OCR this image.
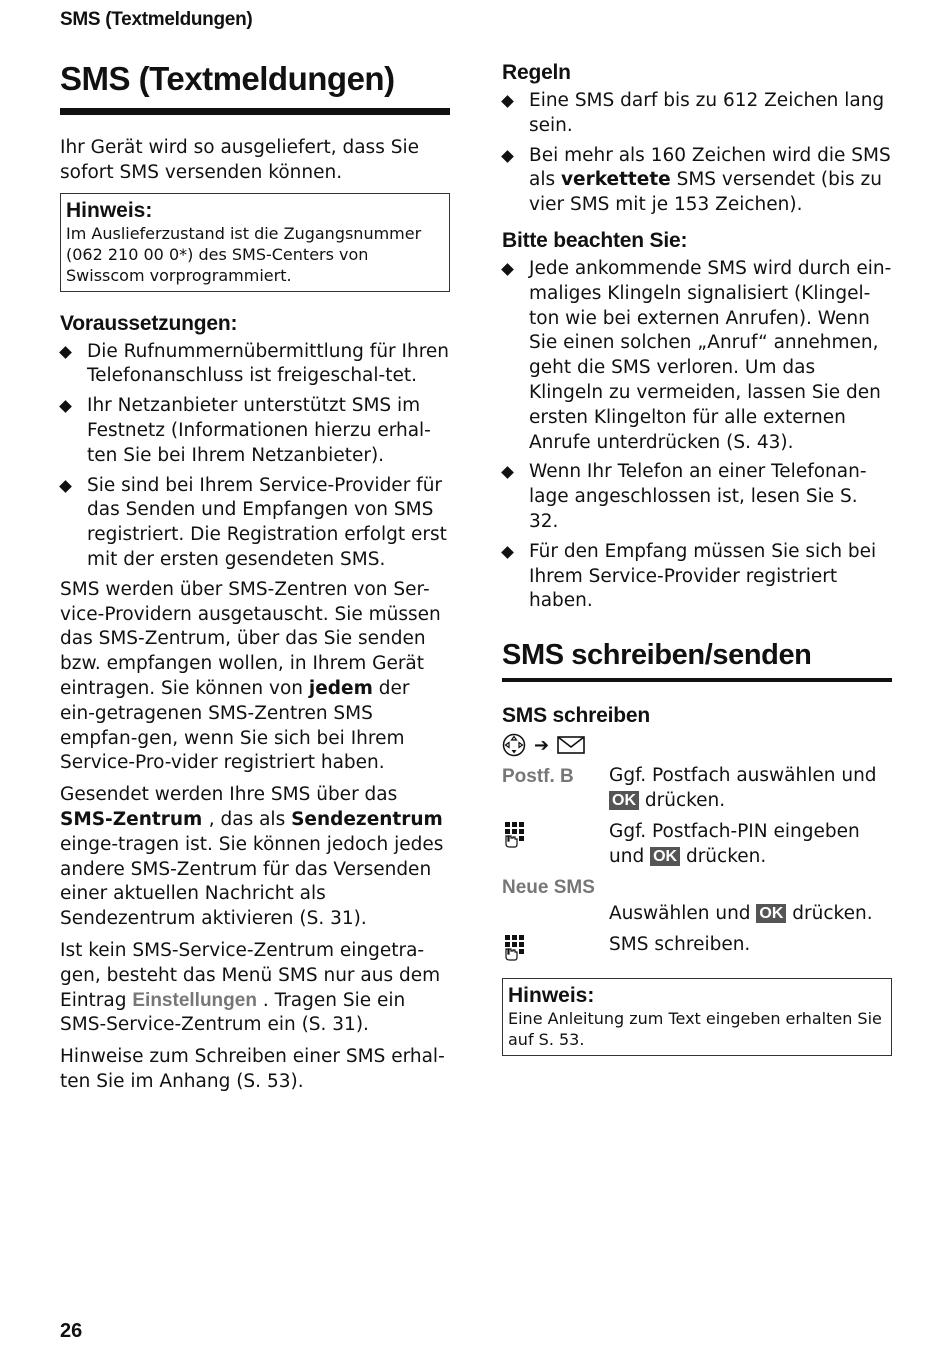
SMS (Textmeldungen)
SMS (Textmeldungen)

Ihr Gerät wird so ausgeliefert, dass Sie sofort SMS versenden können.

Hinweis:
Im Auslieferzustand ist die Zugangsnummer (062 210 00 0*) des SMS-Centers von Swisscom vorprogrammiert.
Voraussetzungen:
Die Rufnummernübermittlung für Ihren Telefonanschluss ist freigeschal-tet.
Ihr Netzanbieter unterstützt SMS im Festnetz (Informationen hierzu erhal-ten Sie bei Ihrem Netzanbieter).
Sie sind bei Ihrem Service-Provider für das Senden und Empfangen von SMS registriert. Die Registration erfolgt erst mit der ersten gesendeten SMS.

SMS werden über SMS-Zentren von Ser-vice-Providern ausgetauscht. Sie müssen das SMS-Zentrum, über das Sie senden bzw. empfangen wollen, in Ihrem Gerät eintragen. Sie können von jedem der ein-getragenen SMS-Zentren SMS empfan-gen, wenn Sie sich bei Ihrem Service-Pro-vider registriert haben.

Gesendet werden Ihre SMS über das SMS-Zentrum , das als Sendezentrum einge-tragen ist. Sie können jedoch jedes andere SMS-Zentrum für das Versenden einer aktuellen Nachricht als Sendezentrum aktivieren (S. 31).

Ist kein SMS-Service-Zentrum eingetra-gen, besteht das Menü SMS nur aus dem Eintrag Einstellungen . Tragen Sie ein SMS-Service-Zentrum ein (S. 31).

Hinweise zum Schreiben einer SMS erhal-ten Sie im Anhang (S. 53).

Regeln
Eine SMS darf bis zu 612 Zeichen lang sein.
Bei mehr als 160 Zeichen wird die SMS als verkettete SMS versendet (bis zu vier SMS mit je 153 Zeichen).
Bitte beachten Sie:
Jede ankommende SMS wird durch ein-maliges Klingeln signalisiert (Klingel-ton wie bei externen Anrufen). Wenn Sie einen solchen „Anruf“ annehmen, geht die SMS verloren. Um das Klingeln zu vermeiden, lassen Sie den ersten Klingelton für alle externen Anrufe unterdrücken (S. 43).
Wenn Ihr Telefon an einer Telefonan-lage angeschlossen ist, lesen Sie S. 32.
Für den Empfang müssen Sie sich bei Ihrem Service-Provider registriert haben.
SMS schreiben/senden
SMS schreiben
➔
Postf. B	Ggf. Postfach auswählen und OK drücken.
Ggf. Postfach-PIN eingeben und OK drücken.
Neue SMS
Auswählen und OK drücken.
SMS schreiben.
Hinweis:
Eine Anleitung zum Text eingeben erhalten Sie auf S. 53.
26
